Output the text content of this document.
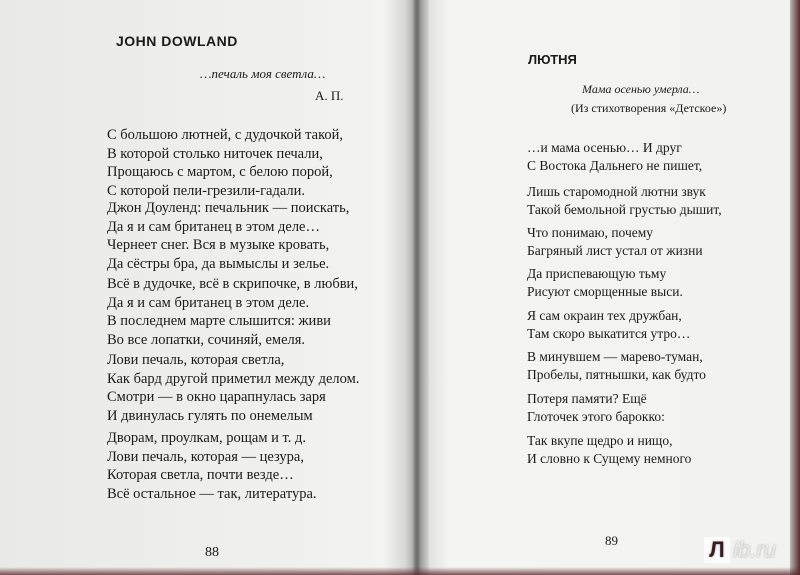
JOHN DOWLAND
…печаль моя светла…
А. П.
С большою лютней, с дудочкой такой,
В которой столько ниточек печали,
Прощаюсь с мартом, с белою порой,
С которой пели-грезили-гадали.
Джон Доуленд: печальник — поискать,
Да я и сам британец в этом деле…
Чернеет снег. Вся в музыке кровать,
Да сёстры бра, да вымыслы и зелье.
Всё в дудочке, всё в скрипочке, в любви,
Да я и сам британец в этом деле.
В последнем марте слышится: живи
Во все лопатки, сочиняй, емеля.
Лови печаль, которая светла,
Как бард другой приметил между делом.
Смотри — в окно царапнулась заря
И двинулась гулять по онемелым
Дворам, проулкам, рощам и т. д.
Лови печаль, которая — цезура,
Которая светла, почти везде…
Всё остальное — так, литература.
88
ЛЮТНЯ
Мама осенью умерла…
(Из стихотворения «Детское»)
…и мама осенью… И друг
С Востока Дальнего не пишет,
Лишь старомодной лютни звук
Такой бемольной грустью дышит,
Что понимаю, почему
Багряный лист устал от жизни
Да приспевающую тьму
Рисуют сморщенные выси.
Я сам окраин тех дружбан,
Там скоро выкатится утро…
В минувшем — марево-туман,
Пробелы, пятнышки, как будто
Потеря памяти? Ещё
Глоточек этого барокко:
Так вкупе щедро и нищо,
И словно к Сущему немного
89	Л ib.ru
